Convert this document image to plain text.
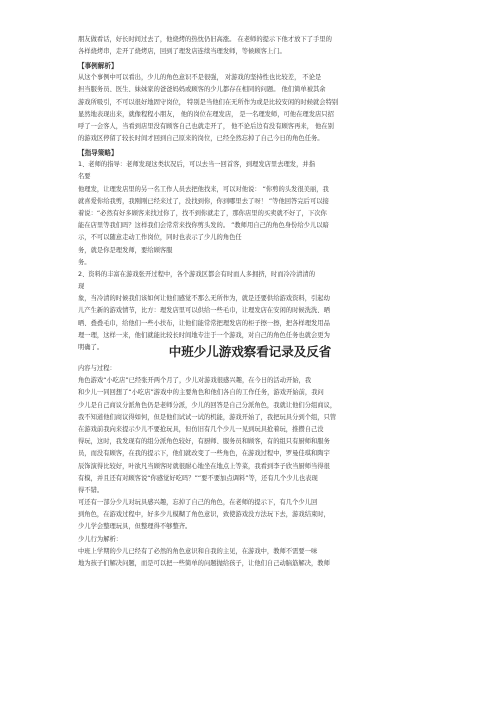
朋友做看话，好长时间过去了，他烧烤的热忱仍旧高涨。 在老师的提示下他才放下了手里的
各样烧烤串，走开了烧烤店，回到了理发店连续当理发师，等候顾客上门。
【事例解析】
从这个事例中可以看出，少儿的角色意识不是很强， 对游戏的坚持性也比较差， 不论是
担当服务员、医生、妹妹家的爸爸妈妈或顾客的少儿都存在相同的问题。 他们简单被其余
游戏所吸引，不可以很好地固守岗位， 特别是当他们在无所作为或是比较安闲的时候就会特别
显然地表现出来，就像程程小朋友， 他的岗位在理发店， 是一名理发师，可他在理发店只招
呼了一会客人，当看到店里没有顾客自己也就走开了， 他不论后边有没有顾客再来， 他在别
的游戏区停留了较长时间才回到自己原来的岗位，已经全然忘掉了自己今日的角色任务。
【指导策略】
1、老师的指导：老师发现这类状况后，可以去当一回首客，到理发店里去理发，并指
名要
他理发，让理发店里的另一名工作人员去把他找来，可以对他说： “你剪的头发很美丽，我
就喜爱你给我剪，我刚刚已经来过了，没找到你，你到哪里去了呀！ ”等他回答完后可以接
着说：“必然有好多顾客来找过你了，找不到你就走了，那你店里的买卖就不好了，下次你
能在店里等我们吗？这样我们会常常来找你剪头发的。 ”教师用自己的角色身份给少儿以暗
示，不可以随意走动工作岗位，同时也表示了少儿的角色任
务，就是你是理发师，要给顾客服
务。
2、资料的丰富在游戏张开过程中，各个游戏区都会有时而人多拥挤，时而冷冷清清的
现
象，当冷清的时候我们该如何让他们感觉不那么无所作为，就是还要供给游戏资料，引起幼
儿产生新的游戏情节，比方：理发店里可以供给一些毛巾，让理发店在安闲的时候洗洗、晒
晒、叠叠毛巾，给他们一些小扶布，让他们能常常把理发店的柜子擦一擦，把各样理发用品
理一理，这样一来，他们就能比较长时间地专注于一个游戏，对自己的角色任务也就会更为
明确了。	中班少儿游戏察看记录及反省
内容与过程：
角色游戏“小吃店”已经张开两个月了，少儿对游戏很感兴趣，在今日的活动开始，我
和少儿一同回想了“小吃店”游戏中的主要角色和他们各自的工作任务，游戏开始前，我问
少儿是自己商议分派角色仍是老师分派，少儿的回答是自己分派角色，我就让他们分组商议，
我不知道他们商议得如何，但是他们试试一试的机能，游戏开始了，我把玩具分到个组，只管
在游戏前我向来提示少儿不要抢玩具，但仿旧有几个少儿一见到玩具抢着玩，推攒自己没
得玩，这时，我发现有的组分派角色较好，有厨师、服务员和顾客，有的组只有厨师和服务
员，而没有顾客，在我的提示下，他们就改变了一些角色，在游戏过程中，罗曼佳琪和陶宇
辰饰演得比较好，叶欲凡当顾客时就很耐心地坐在地点上等菜，我看到李子欣当厨师当得很
有模，并且还有对顾客说“你感觉好吃吗？”“要不要加点调料”等，还有几个少儿也表现
得不错。
可还有一部分少儿对玩具感兴趣，忘掉了自己的角色，在老师的提示下，有几个少儿回
到角色，在游戏过程中，好多少儿模糊了角色意识，致使游戏没方法玩下去，游戏结束时，
少儿学会整理玩具，但整理得不够整齐。
少儿行为解析：
中班上学期的少儿已经有了必然的角色意识和自我的主见，在游戏中，教师不需要一味
地为孩子们解决问题，而是可以把一些简单的问题抛给孩子，让他们自己动脑筋解决，教师
